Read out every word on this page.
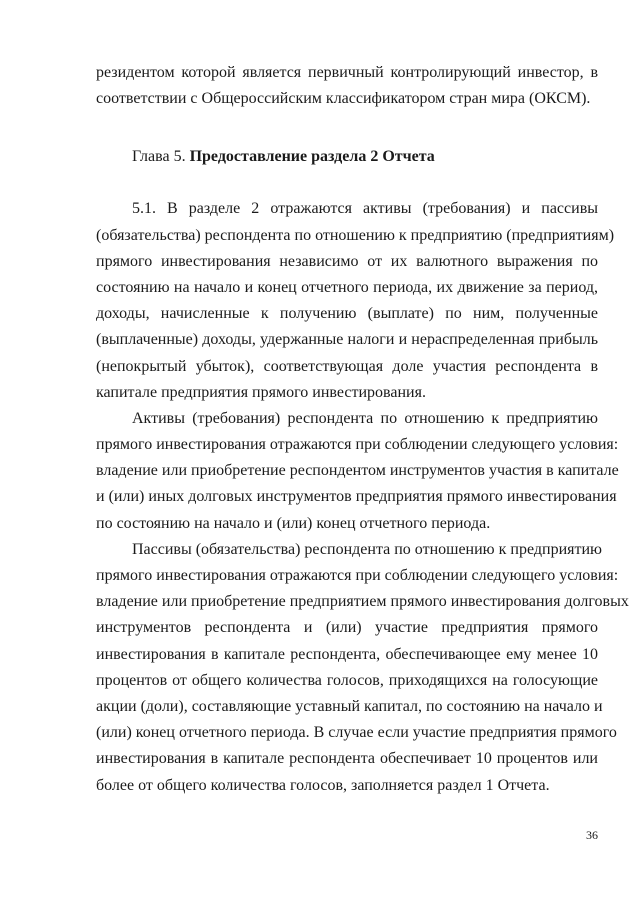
резидентом которой является первичный контролирующий инвестор, в
соответствии с Общероссийским классификатором стран мира (ОКСМ).
Глава 5. Предоставление раздела 2 Отчета
5.1. В разделе 2 отражаются активы (требования) и пассивы
(обязательства) респондента по отношению к предприятию (предприятиям)
прямого инвестирования независимо от их валютного выражения по
состоянию на начало и конец отчетного периода, их движение за период,
доходы, начисленные к получению (выплате) по ним, полученные
(выплаченные) доходы, удержанные налоги и нераспределенная прибыль
(непокрытый убыток), соответствующая доле участия респондента в
капитале предприятия прямого инвестирования.
Активы (требования) респондента по отношению к предприятию
прямого инвестирования отражаются при соблюдении следующего условия:
владение или приобретение респондентом инструментов участия в капитале
и (или) иных долговых инструментов предприятия прямого инвестирования
по состоянию на начало и (или) конец отчетного периода.
Пассивы (обязательства) респондента по отношению к предприятию
прямого инвестирования отражаются при соблюдении следующего условия:
владение или приобретение предприятием прямого инвестирования долговых
инструментов респондента и (или) участие предприятия прямого
инвестирования в капитале респондента, обеспечивающее ему менее 10
процентов от общего количества голосов, приходящихся на голосующие
акции (доли), составляющие уставный капитал, по состоянию на начало и
(или) конец отчетного периода. В случае если участие предприятия прямого
инвестирования в капитале респондента обеспечивает 10 процентов или
более от общего количества голосов, заполняется раздел 1 Отчета.
36
